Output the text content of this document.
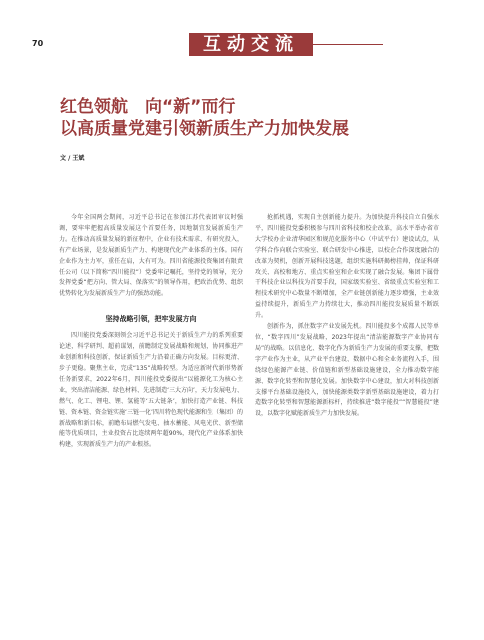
70	互动交流
红色领航　向“新”而行
以高质量党建引领新质生产力加快发展
文 / 王斌

今年全国两会期间，习近平总书记在参加江苏代表团审议时强调，要牢牢把握高质量发展这个首要任务，因地制宜发展新质生产力。在推动高质量发展的新征程中，企业有技术需求、有研究投入，有产业场景，是发展新质生产力、构建现代化产业体系的主体。国有企业作为主力军，重任在肩，大有可为。四川省能源投资集团有限责任公司（以下简称“四川能投”）党委牢记嘱托，坚持党的领导，充分发挥党委“把方向、管大局、保落实”的领导作用，把政治优势、组织优势转化为发展新质生产力的强劲动能。

坚持战略引领，把牢发展方向

四川能投党委深刻领会习近平总书记关于新质生产力的系列重要论述，科学研判、超前谋划，前瞻制定发展战略和规划，协同推进产业创新和科技创新，保证新质生产力沿着正确方向发展。目标更清、步子更稳。聚焦主业，完成“135”战略转型。为适应新时代新形势新任务新要求，2022年6月，四川能投党委提出“以能源化工为核心主业，突出清洁能源、绿色材料、先进制造‘三大方向’，天力发展电力、燃气、化工、锂电、锂、氢能等‘五大链条’，加快打造产业链、科技链、资本链、资金链实施‘三链一化’四川特色现代能源和生（集团）的新战略和新目标，前瞻布局燃气发电、抽水蓄能、风电光伏、新型储能等优质项目，主业投资占比连续两年超90%，现代化产业体系加快构建，实现新质生产力的产业根基。

抢抓机遇，实现自主创新能力提升。为加快提升科技自立自强水平，四川能投党委积极参与四川省科技和校企改革，高水平举办省市大学校办企业清华园区和规范化服务中心（中试平台）建设试点，从学科合作向联合实验室、联合研发中心推进，以校企合作深度融合的改革为契机，创新开展科技选题，组织实施科研揭榜挂帅，保证科研攻关、高校和地方、重点实验室和企业实现了融合发展。集团下属骨干科技企业以科技为首要手段，国家级实验室、省级重点实验室和工程技术研究中心数量不断增加，全产业链创新能力逐步增强，主业效益持续提升，新质生产力持续壮大，推动四川能投发展质量不断跃升。

创新作为，抓住数字产业发展先机。四川能投多个成都人民等单位，“数字四川”发展战略，2023年提出“清洁能源数字产业协同布局”的战略。以信息化、数字化作为新质生产力发展的重要支撑，把数字产业作为主业，从产业平台建设、数据中心和全业务流程入手，围绕绿色能源产业链、价值链和新型基础设施建设，全力推动数字能源、数字化转型和智慧化发展。加快数字中心建设，加大对科技创新支撑平台基础设施投入，加快能源类数字新型基础设施建设，着力打造数字化转型和智慧能源新标杆，持续推进“数字能投”“智慧能投”建设，以数字化赋能新质生产力加快发展。
